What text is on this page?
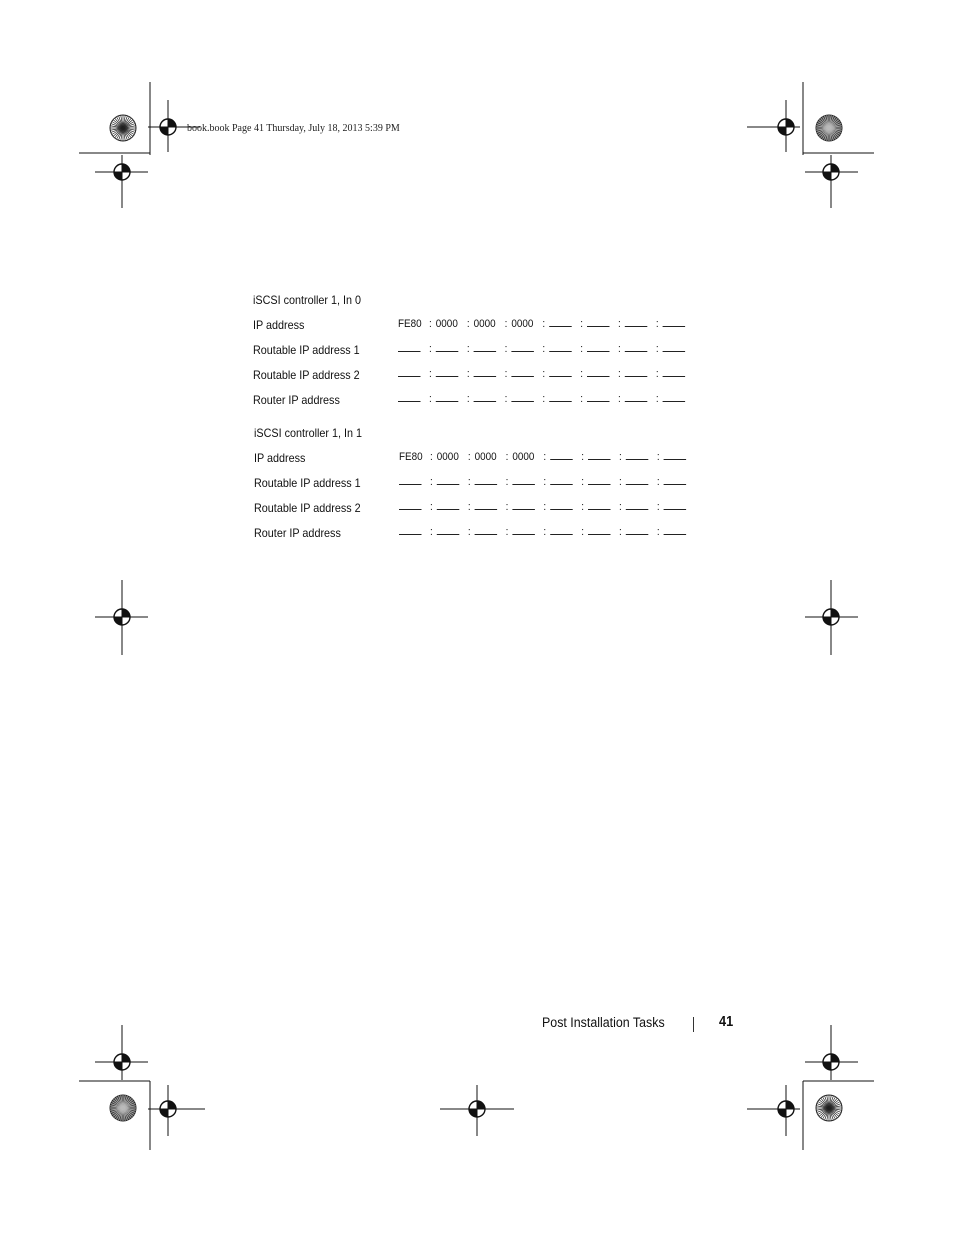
book.book Page 41 Thursday, July 18, 2013 5:39 PM
iSCSI controller 1, In 0
IP address	FE80 : 0000 : 0000 : 0000 :	:	:	:
Routable IP address 1	:	:	:	:	:	:	:
Routable IP address 2	:	:	:	:	:	:	:
Router IP address	:	:	:	:	:	:	:
iSCSI controller 1, In 1
IP address	FE80 : 0000 : 0000 : 0000 :	:	:	:
Routable IP address 1	:	:	:	:	:	:	:
Routable IP address 2	:	:	:	:	:	:	:
Router IP address	:	:	:	:	:	:	:
Post Installation Tasks	41
